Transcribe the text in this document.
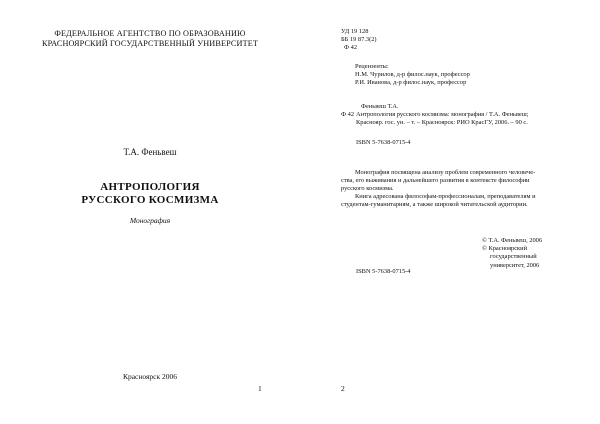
ФЕДЕРАЛЬНОЕ АГЕНТСТВО ПО ОБРАЗОВАНИЮ
КРАСНОЯРСКИЙ ГОСУДАРСТВЕННЫЙ УНИВЕРСИТЕТ
Т.А. Феньвеш
АНТРОПОЛОГИЯ
РУССКОГО КОСМИЗМА
Монография
Красноярск 2006
1
УД 19 128
ББ 19 87.3(2)
Ф 42
Рецензенты:
Н.М. Чурилов, д-р филос.наук, профессор
Р.И. Иванова, д-р филос.наук, профессор
Феньвеш Т.А.
Ф 42 Антропология русского космизма: монография / Т.А. Феньвеш;
Краснояр. гос. ун. – т. – Красноярск: РИО КрасГУ, 2006. – 90 с.
ISBN 5-7638-0715-4
Монография посвящена анализу проблем современного человече-
ства, его выживания и дальнейшего развития в контексте философии
русского космизма.
Книга адресована философам-профессионалам, преподавателям и
студентам-гуманитариям, а также широкой читательской аудитории.
© Т.А. Феньвеш, 2006
© Красноярский
государственный
университет, 2006
ISBN 5-7638-0715-4
2
